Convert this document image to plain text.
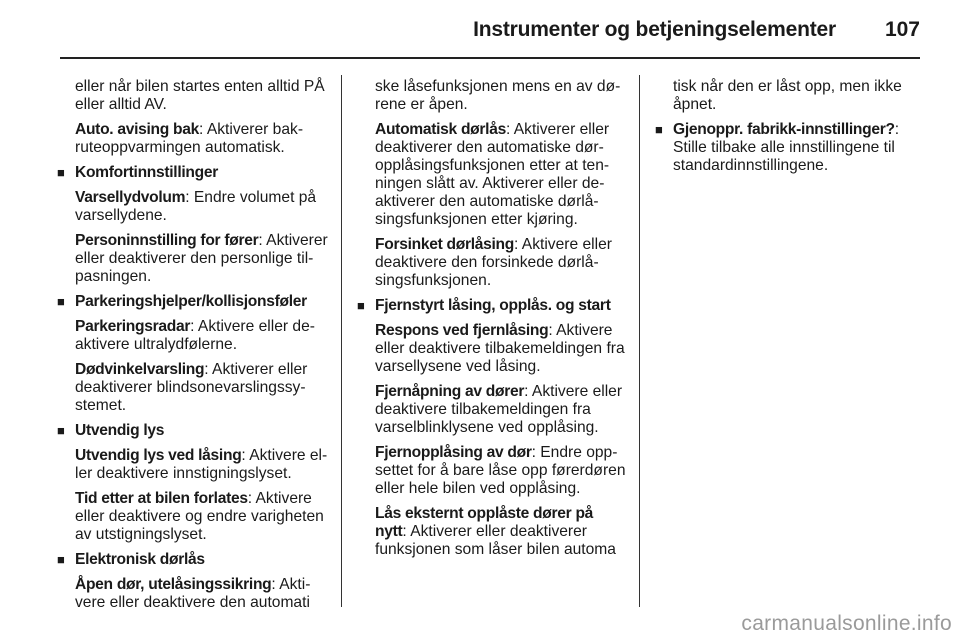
Instrumenter og betjeningselementer 107

eller når bilen startes enten alltid PÅ eller alltid AV.

Auto. avising bak: Aktiverer bakruteoppvarmingen automatisk.

■ Komfortinnstillinger

Varsellydvolum: Endre volumet på varsellydene.

Personinnstilling for fører: Aktiverer eller deaktiverer den personlige tilpasningen.

■ Parkeringshjelper/kollisjonsføler

Parkeringsradar: Aktivere eller deaktivere ultralydfølerne.

Dødvinkelvarsling: Aktiverer eller deaktiverer blindsonevarslingssystemet.

■ Utvendig lys

Utvendig lys ved låsing: Aktivere eller deaktivere innstigningslyset.

Tid etter at bilen forlates: Aktivere eller deaktivere og endre varigheten av utstigningslyset.

■ Elektronisk dørlås

Åpen dør, utelåsingssikring: Aktivere eller deaktivere den automati

ske låsefunksjonen mens en av dørene er åpen.

Automatisk dørlås: Aktiverer eller deaktiverer den automatiske døropplåsingsfunksjonen etter at tenningen slått av. Aktiverer eller deaktiverer den automatiske dørlåsingsfunksjonen etter kjøring.

Forsinket dørlåsing: Aktivere eller deaktivere den forsinkede dørlåsingsfunksjonen.

■ Fjernstyrt låsing, opplås. og start

Respons ved fjernlåsing: Aktivere eller deaktivere tilbakemeldingen fra varsellysene ved låsing.

Fjernåpning av dører: Aktivere eller deaktivere tilbakemeldingen fra varselblinklysene ved opplåsing.

Fjernopplåsing av dør: Endre oppsettet for å bare låse opp førerdøren eller hele bilen ved opplåsing.

Lås eksternt opplåste dører på nytt: Aktiverer eller deaktiverer funksjonen som låser bilen automa

tisk når den er låst opp, men ikke åpnet.

■ Gjenoppr. fabrikk-innstillinger?:
Stille tilbake alle innstillingene til standardinnstillingene.
carmanualsonline.info
